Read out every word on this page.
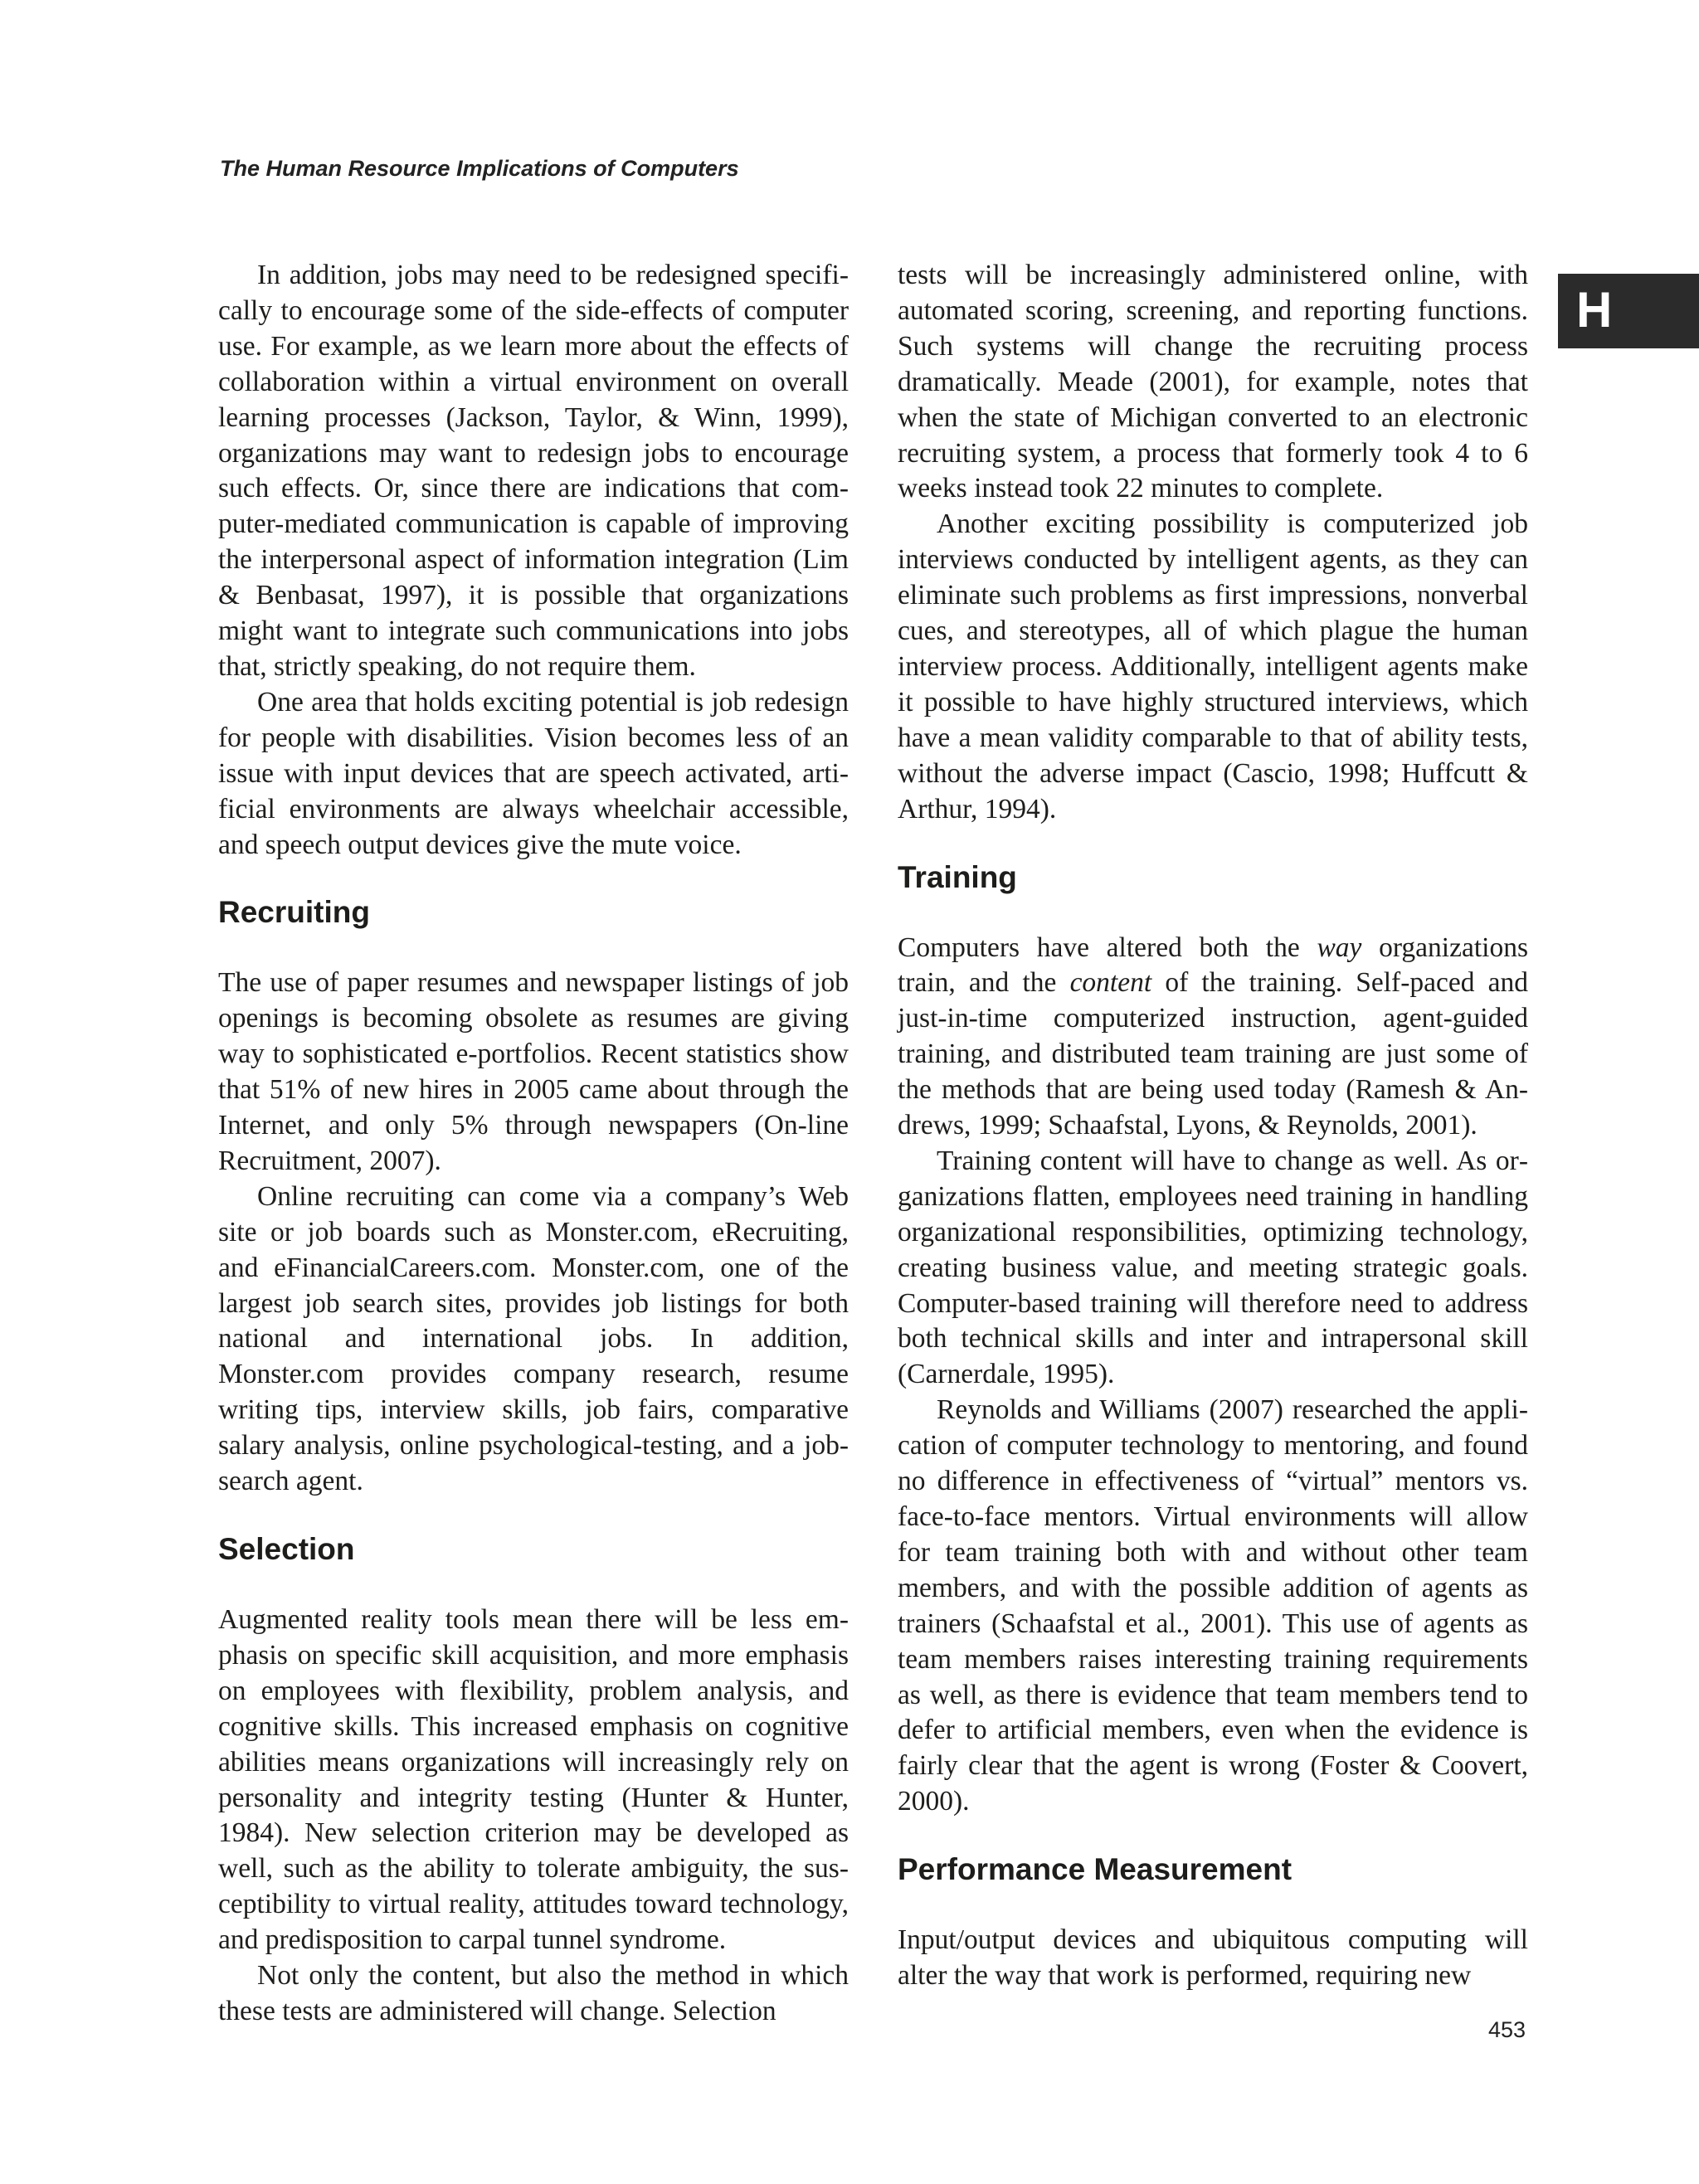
The Human Resource Implications of Computers

H

In addition, jobs may need to be redesigned specifically to encourage some of the side-effects of computer use. For example, as we learn more about the effects of collaboration within a virtual environment on overall learning processes (Jackson, Taylor, & Winn, 1999), organizations may want to redesign jobs to encourage such effects. Or, since there are indications that computer-mediated communication is capable of improving the interpersonal aspect of information integration (Lim & Benbasat, 1997), it is possible that organizations might want to integrate such communications into jobs that, strictly speaking, do not require them.

One area that holds exciting potential is job redesign for people with disabilities. Vision becomes less of an issue with input devices that are speech activated, artificial environments are always wheelchair accessible, and speech output devices give the mute voice.

Recruiting

The use of paper resumes and newspaper listings of job openings is becoming obsolete as resumes are giving way to sophisticated e-portfolios. Recent statistics show that 51% of new hires in 2005 came about through the Internet, and only 5% through newspapers (On-line Recruitment, 2007).

Online recruiting can come via a company’s Web site or job boards such as Monster.com, eRecruiting, and eFinancialCareers.com. Monster.com, one of the largest job search sites, provides job listings for both national and international jobs. In addition, Monster.com provides company research, resume writing tips, interview skills, job fairs, comparative salary analysis, online psychological-testing, and a job-search agent.

Selection

Augmented reality tools mean there will be less emphasis on specific skill acquisition, and more emphasis on employees with flexibility, problem analysis, and cognitive skills. This increased emphasis on cognitive abilities means organizations will increasingly rely on personality and integrity testing (Hunter & Hunter, 1984). New selection criterion may be developed as well, such as the ability to tolerate ambiguity, the susceptibility to virtual reality, attitudes toward technology, and predisposition to carpal tunnel syndrome.

Not only the content, but also the method in which these tests are administered will change. Selection

tests will be increasingly administered online, with automated scoring, screening, and reporting functions. Such systems will change the recruiting process dramatically. Meade (2001), for example, notes that when the state of Michigan converted to an electronic recruiting system, a process that formerly took 4 to 6 weeks instead took 22 minutes to complete.

Another exciting possibility is computerized job interviews conducted by intelligent agents, as they can eliminate such problems as first impressions, nonverbal cues, and stereotypes, all of which plague the human interview process. Additionally, intelligent agents make it possible to have highly structured interviews, which have a mean validity comparable to that of ability tests, without the adverse impact (Cascio, 1998; Huffcutt & Arthur, 1994).

Training

Computers have altered both the way organizations train, and the content of the training. Self-paced and just-in-time computerized instruction, agent-guided training, and distributed team training are just some of the methods that are being used today (Ramesh & Andrews, 1999; Schaafstal, Lyons, & Reynolds, 2001).

Training content will have to change as well. As organizations flatten, employees need training in handling organizational responsibilities, optimizing technology, creating business value, and meeting strategic goals. Computer-based training will therefore need to address both technical skills and inter and intrapersonal skill (Carnerdale, 1995).

Reynolds and Williams (2007) researched the application of computer technology to mentoring, and found no difference in effectiveness of “virtual” mentors vs. face-to-face mentors. Virtual environments will allow for team training both with and without other team members, and with the possible addition of agents as trainers (Schaafstal et al., 2001). This use of agents as team members raises interesting training requirements as well, as there is evidence that team members tend to defer to artificial members, even when the evidence is fairly clear that the agent is wrong (Foster & Coovert, 2000).

Performance Measurement

Input/output devices and ubiquitous computing will alter the way that work is performed, requiring new

453
